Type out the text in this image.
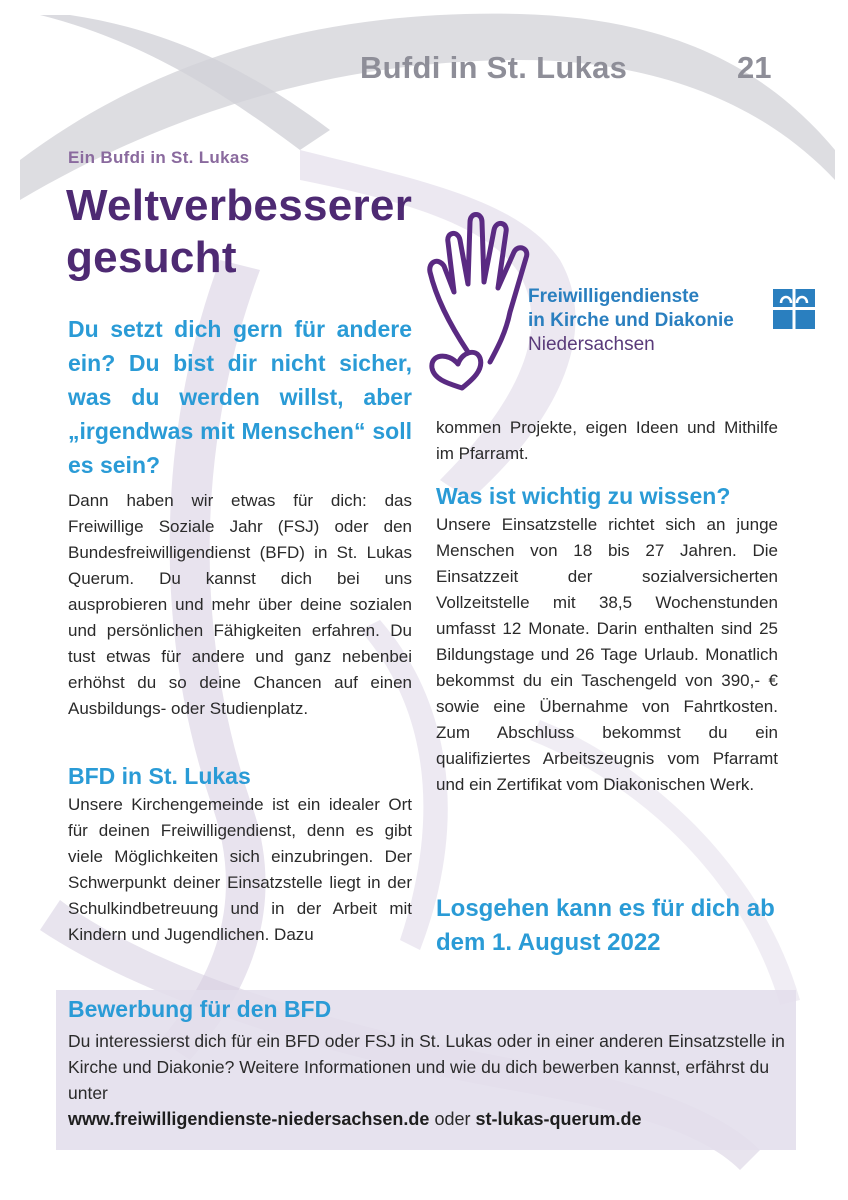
Bufdi in St. Lukas	21
Ein Bufdi in St. Lukas
Weltverbesserer gesucht
Freiwilligendienste
in Kirche und Diakonie
Niedersachsen

Du setzt dich gern für andere ein? Du bist dir nicht sicher, was du werden willst, aber „irgendwas mit Menschen“ soll es sein?

Dann haben wir etwas für dich: das Freiwillige Soziale Jahr (FSJ) oder den Bundesfreiwilligendienst (BFD) in St. Lukas Querum. Du kannst dich bei uns ausprobieren und mehr über deine sozialen und persönlichen Fähigkeiten erfahren. Du tust etwas für andere und ganz nebenbei erhöhst du so deine Chancen auf einen Ausbildungs- oder Studienplatz.

BFD in St. Lukas

Unsere Kirchengemeinde ist ein idealer Ort für deinen Freiwilligendienst, denn es gibt viele Möglichkeiten sich einzubringen. Der Schwerpunkt deiner Einsatzstelle liegt in der Schulkindbetreuung und in der Arbeit mit Kindern und Jugendlichen. Dazu

kommen Projekte, eigen Ideen und Mithilfe im Pfarramt.

Was ist wichtig zu wissen?

Unsere Einsatzstelle richtet sich an junge Menschen von 18 bis 27 Jahren. Die Einsatzzeit der sozialversicherten Vollzeitstelle mit 38,5 Wochenstunden umfasst 12 Monate. Darin enthalten sind 25 Bildungstage und 26 Tage Urlaub. Monatlich bekommst du ein Taschengeld von 390,- € sowie eine Übernahme von Fahrtkosten. Zum Abschluss bekommst du ein qualifiziertes Arbeitszeugnis vom Pfarramt und ein Zertifikat vom Diakonischen Werk.

Losgehen kann es für dich ab dem 1. August 2022

Bewerbung für den BFD

Du interessierst dich für ein BFD oder FSJ in St. Lukas oder in einer anderen Einsatzstelle in Kirche und Diakonie? Weitere Informationen und wie du dich bewerben kannst, erfährst du unter

www.freiwilligendienste-niedersachsen.de oder st-lukas-querum.de
